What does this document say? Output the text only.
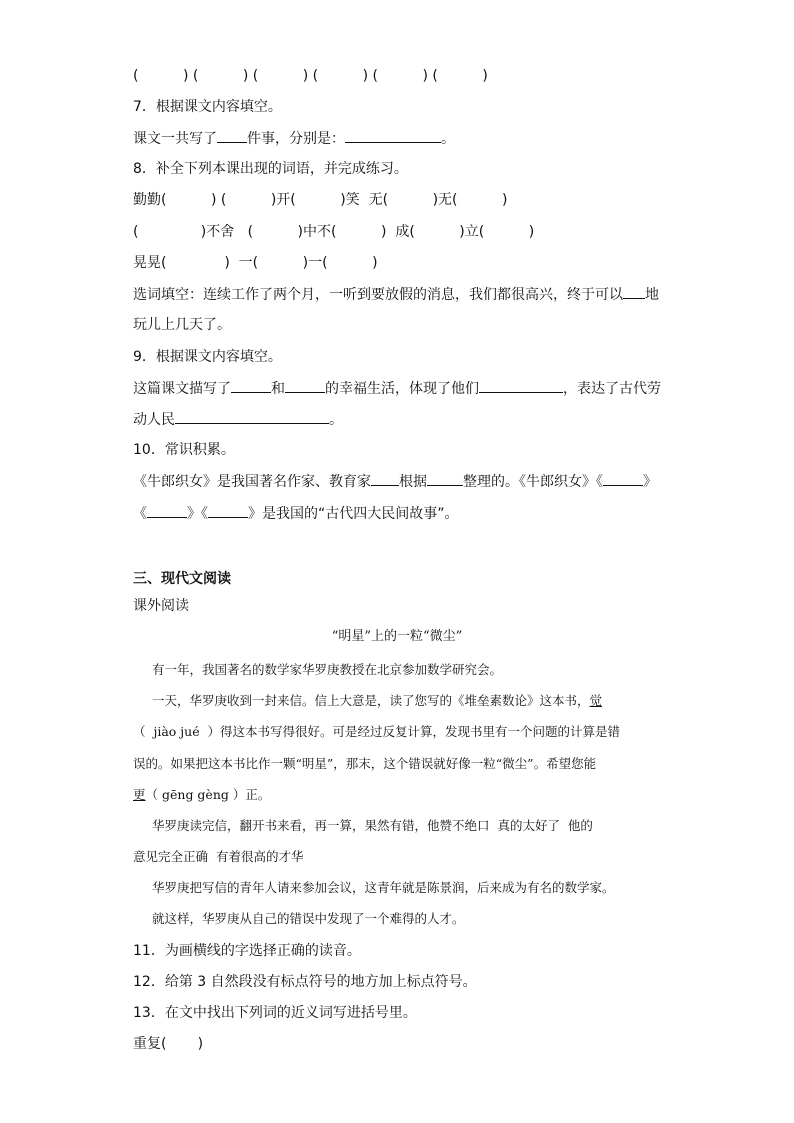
(          ) (          ) (          ) (          ) (          ) (          )

7．根据课文内容填空。

课文一共写了 件事，分别是：	。

8．补全下列本课出现的词语，并完成练习。

勤勤(          ) (          )开(          )笑  无(          )无(          )

(              )不舍   (          )中不(          )  成(          )立(          )

晃晃(             )  一(          )一(          )

选词填空：连续工作了两个月，一听到要放假的消息，我们都很高兴，终于可以 地

玩儿上几天了。

9．根据课文内容填空。

这篇课文描写了	和	的幸福生活，体现了他们	，表达了古代劳

动人民	。

10．常识积累。

《牛郎织女》是我国著名作家、教育家 根据	整理的。《牛郎织女》《	》

《	》《	》是我国的“古代四大民间故事”。

三、现代文阅读

课外阅读

“明星”上的一粒“微尘”

有一年，我国著名的数学家华罗庚教授在北京参加数学研究会。

一天，华罗庚收到一封来信。信上大意是，读了您写的《堆垒素数论》这本书，觉

（  jiào jué  ）得这本书写得很好。可是经过反复计算，发现书里有一个问题的计算是错

误的。如果把这本书比作一颗“明星”，那末，这个错误就好像一粒“微尘”。希望您能

更（ gēng gèng ）正。

华罗庚读完信，翻开书来看，再一算，果然有错，他赞不绝口  真的太好了  他的

意见完全正确  有着很高的才华

华罗庚把写信的青年人请来参加会议，这青年就是陈景润，后来成为有名的数学家。

就这样，华罗庚从自己的错误中发现了一个难得的人才。

11．为画横线的字选择正确的读音。

12．给第 3 自然段没有标点符号的地方加上标点符号。

13．在文中找出下列词的近义词写进括号里。

重复(       )
